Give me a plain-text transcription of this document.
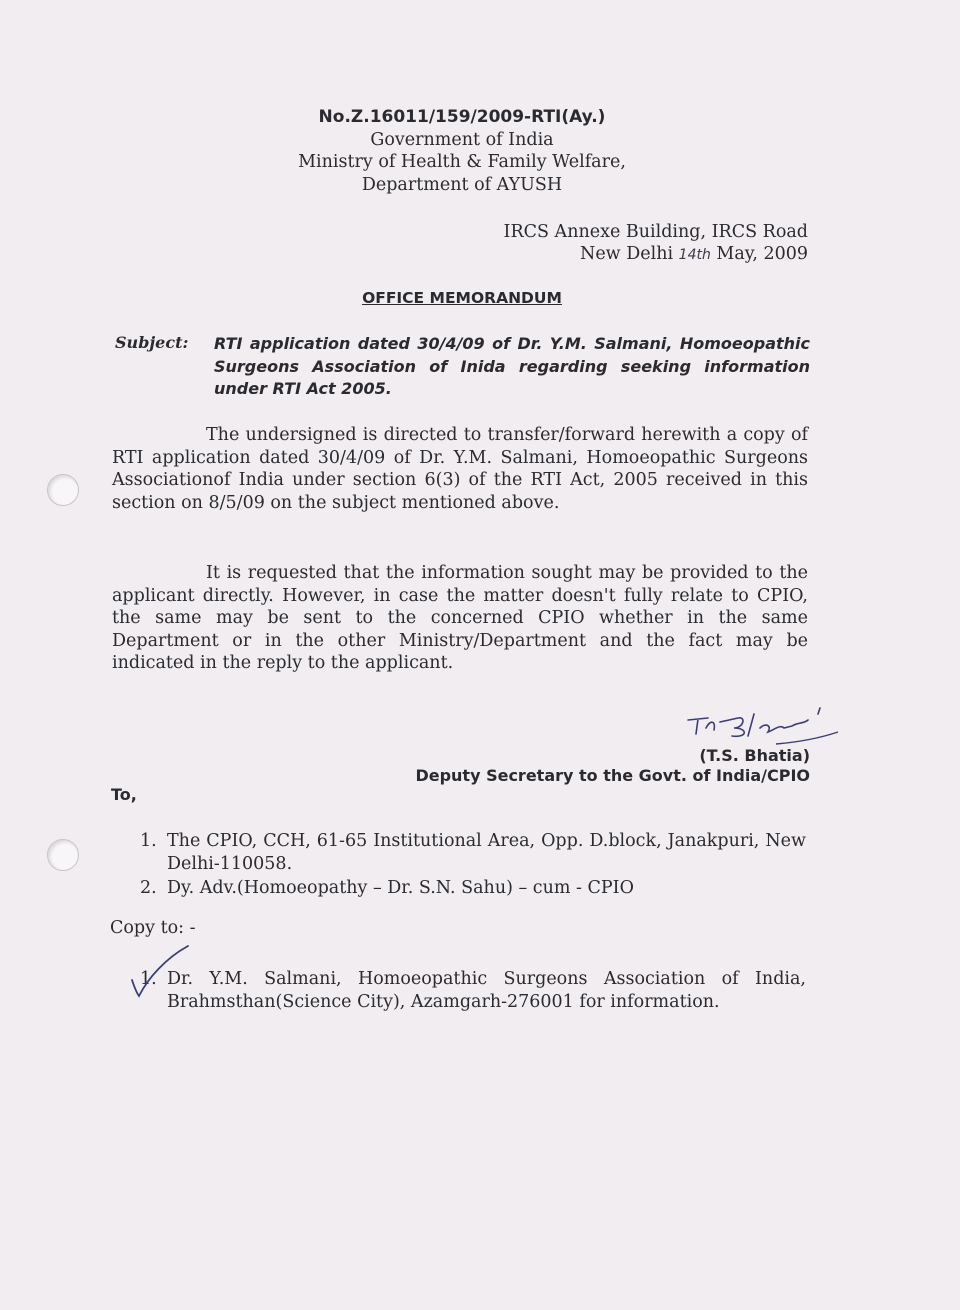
No.Z.16011/159/2009-RTI(Ay.)
Government of India
Ministry of Health & Family Welfare,
Department of AYUSH
IRCS Annexe Building, IRCS Road
New Delhi 14th May, 2009
OFFICE MEMORANDUM
Subject: RTI application dated 30/4/09 of Dr. Y.M. Salmani, Homoeopathic Surgeons Association of Inida regarding seeking information under RTI Act 2005.
The undersigned is directed to transfer/forward herewith a copy of RTI application dated 30/4/09 of Dr. Y.M. Salmani, Homoeopathic Surgeons Associationof India under section 6(3) of the RTI Act, 2005 received in this section on 8/5/09 on the subject mentioned above.
It is requested that the information sought may be provided to the applicant directly. However, in case the matter doesn't fully relate to CPIO, the same may be sent to the concerned CPIO whether in the same Department or in the other Ministry/Department and the fact may be indicated in the reply to the applicant.
(T.S. Bhatia)
Deputy Secretary to the Govt. of India/CPIO
To,
1. The CPIO, CCH, 61-65 Institutional Area, Opp. D.block, Janakpuri, New Delhi-110058.
2. Dy. Adv.(Homoeopathy – Dr. S.N. Sahu) – cum - CPIO
Copy to: -
1. Dr. Y.M. Salmani, Homoeopathic Surgeons Association of India, Brahmsthan(Science City), Azamgarh-276001 for information.
